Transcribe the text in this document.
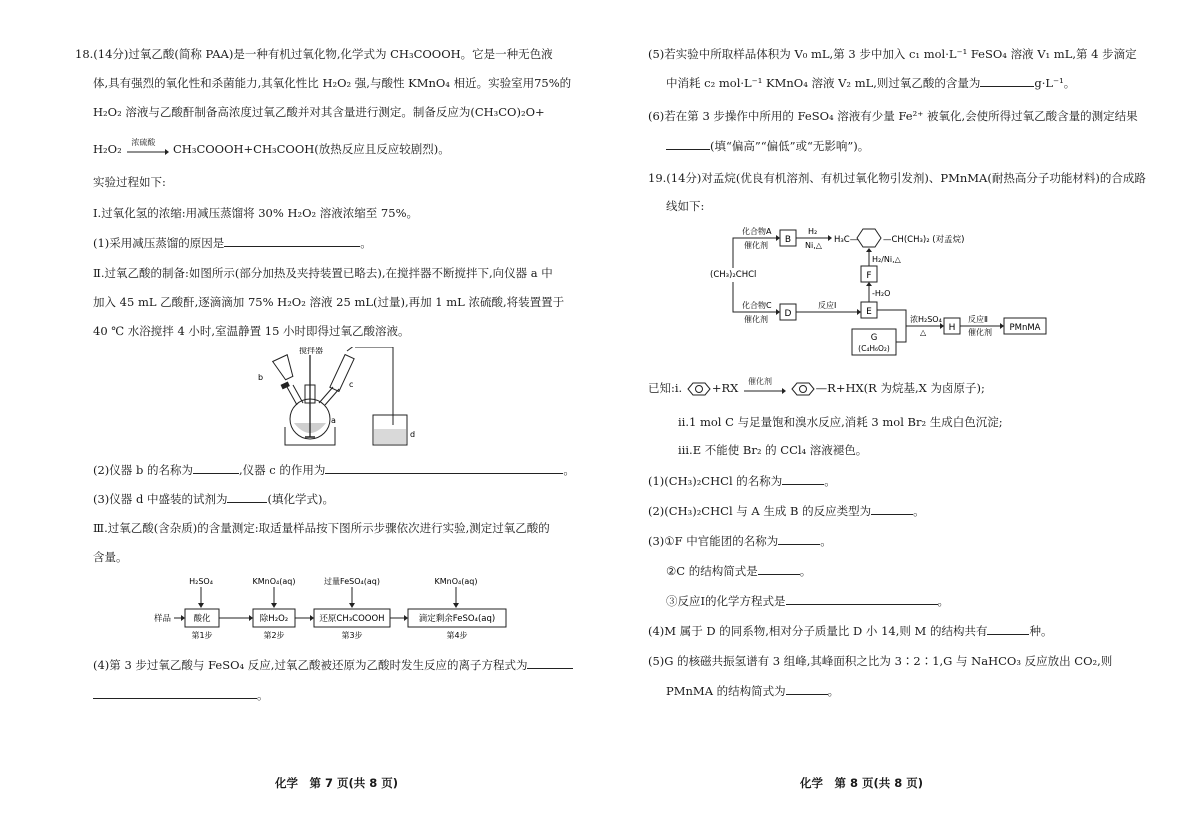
18.(14分)过氧乙酸(简称 PAA)是一种有机过氧化物,化学式为 CH₃COOOH。它是一种无色液
体,具有强烈的氧化性和杀菌能力,其氧化性比 H₂O₂ 强,与酸性 KMnO₄ 相近。实验室用75%的
H₂O₂ 溶液与乙酸酐制备高浓度过氧乙酸并对其含量进行测定。制备反应为(CH₃CO)₂O+
H₂O₂ 浓硫酸 CH₃COOOH+CH₃COOH(放热反应且反应较剧烈)。
实验过程如下:
Ⅰ.过氧化氢的浓缩:用减压蒸馏将 30% H₂O₂ 溶液浓缩至 75%。
(1)采用减压蒸馏的原因是	。
Ⅱ.过氧乙酸的制备:如图所示(部分加热及夹持装置已略去),在搅拌器不断搅拌下,向仪器 a 中
加入 45 mL 乙酸酐,逐滴滴加 75% H₂O₂ 溶液 25 mL(过量),再加 1 mL 浓硫酸,将装置置于
40 ℃ 水浴搅拌 4 小时,室温静置 15 小时即得过氧乙酸溶液。
搅拌器
b
c
a
d
(2)仪器 b 的名称为	,仪器 c 的作用为	。
(3)仪器 d 中盛装的试剂为	(填化学式)。
Ⅲ.过氧乙酸(含杂质)的含量测定:取适量样品按下图所示步骤依次进行实验,测定过氧乙酸的
含量。
H₂SO₄	KMnO₄(aq)	过量FeSO₄(aq)	KMnO₄(aq)
样品	酸化	除H₂O₂	还原CH₃COOOH	滴定剩余FeSO₄(aq)
第1步	第2步	第3步	第4步
(4)第 3 步过氧乙酸与 FeSO₄ 反应,过氧乙酸被还原为乙酸时发生反应的离子方程式为
。
化学　第 7 页(共 8 页)
(5)若实验中所取样品体积为 V₀ mL,第 3 步中加入 c₁ mol·L⁻¹ FeSO₄ 溶液 V₁ mL,第 4 步滴定
中消耗 c₂ mol·L⁻¹ KMnO₄ 溶液 V₂ mL,则过氧乙酸的含量为	g·L⁻¹。
(6)若在第 3 步操作中所用的 FeSO₄ 溶液有少量 Fe²⁺ 被氧化,会使所得过氧乙酸含量的测定结果
(填“偏高”“偏低”或“无影响”)。
19.(14分)对孟烷(优良有机溶剂、有机过氧化物引发剂)、PMnMA(耐热高分子功能材料)的合成路
线如下:
(CH₃)₂CHCl
化合物A
催化剂
化合物C
催化剂
B
H₂
Ni,△
H₃C—	—CH(CH₃)₂ (对孟烷)
H₂/Ni,△
F
-H₂O
D
反应Ⅰ
E
G
(C₄H₆O₂)
浓H₂SO₄
△ H
反应Ⅱ
催化剂 PMnMA
已知:ⅰ.	+RX 催化剂	—R+HX(R 为烷基,X 为卤原子);
ⅱ.1 mol C 与足量饱和溴水反应,消耗 3 mol Br₂ 生成白色沉淀;
ⅲ.E 不能使 Br₂ 的 CCl₄ 溶液褪色。
(1)(CH₃)₂CHCl 的名称为	。
(2)(CH₃)₂CHCl 与 A 生成 B 的反应类型为	。
(3)①F 中官能团的名称为	。
②C 的结构简式是	。
③反应Ⅰ的化学方程式是	。
(4)M 属于 D 的同系物,相对分子质量比 D 小 14,则 M 的结构共有	种。
(5)G 的核磁共振氢谱有 3 组峰,其峰面积之比为 3∶2∶1,G 与 NaHCO₃ 反应放出 CO₂,则
PMnMA 的结构简式为	。
化学　第 8 页(共 8 页)
